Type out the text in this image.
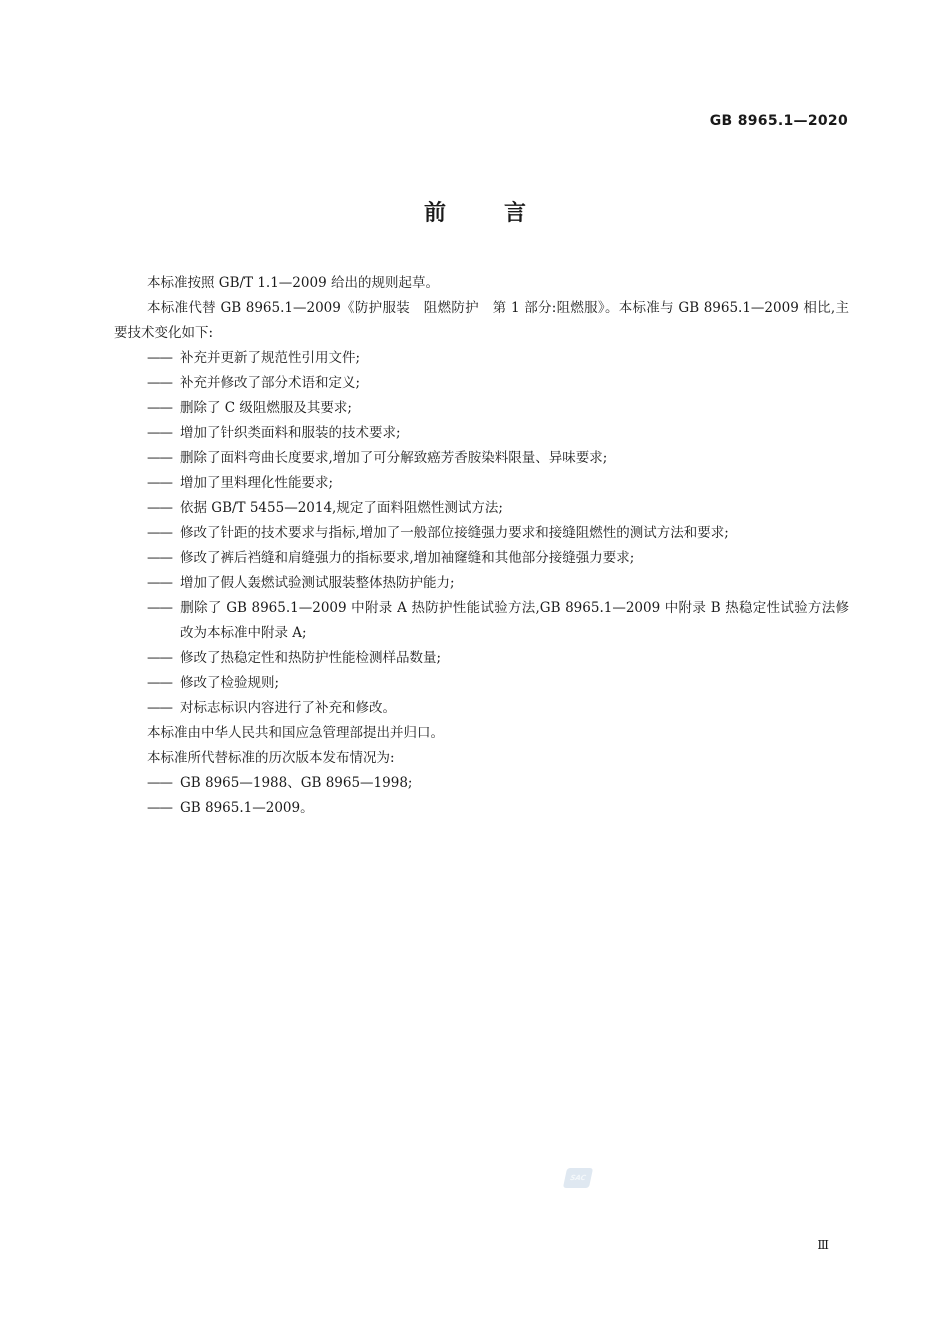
GB 8965.1—2020
前言

本标准按照 GB/T 1.1—2009 给出的规则起草。

本标准代替 GB 8965.1—2009《防护服装　阻燃防护　第 1 部分:阻燃服》。本标准与 GB 8965.1—2009 相比,主要技术变化如下:

—— 补充并更新了规范性引用文件;

—— 补充并修改了部分术语和定义;

—— 删除了 C 级阻燃服及其要求;

—— 增加了针织类面料和服装的技术要求;

—— 删除了面料弯曲长度要求,增加了可分解致癌芳香胺染料限量、异味要求;

—— 增加了里料理化性能要求;

—— 依据 GB/T 5455—2014,规定了面料阻燃性测试方法;

—— 修改了针距的技术要求与指标,增加了一般部位接缝强力要求和接缝阻燃性的测试方法和要求;

—— 修改了裤后裆缝和肩缝强力的指标要求,增加袖窿缝和其他部分接缝强力要求;

—— 增加了假人轰燃试验测试服装整体热防护能力;

—— 删除了 GB 8965.1—2009 中附录 A 热防护性能试验方法,GB 8965.1—2009 中附录 B 热稳定性试验方法修改为本标准中附录 A;

—— 修改了热稳定性和热防护性能检测样品数量;

—— 修改了检验规则;

—— 对标志标识内容进行了补充和修改。

本标准由中华人民共和国应急管理部提出并归口。

本标准所代替标准的历次版本发布情况为:

—— GB 8965—1988、GB 8965—1998;

—— GB 8965.1—2009。

SAC
Ⅲ
